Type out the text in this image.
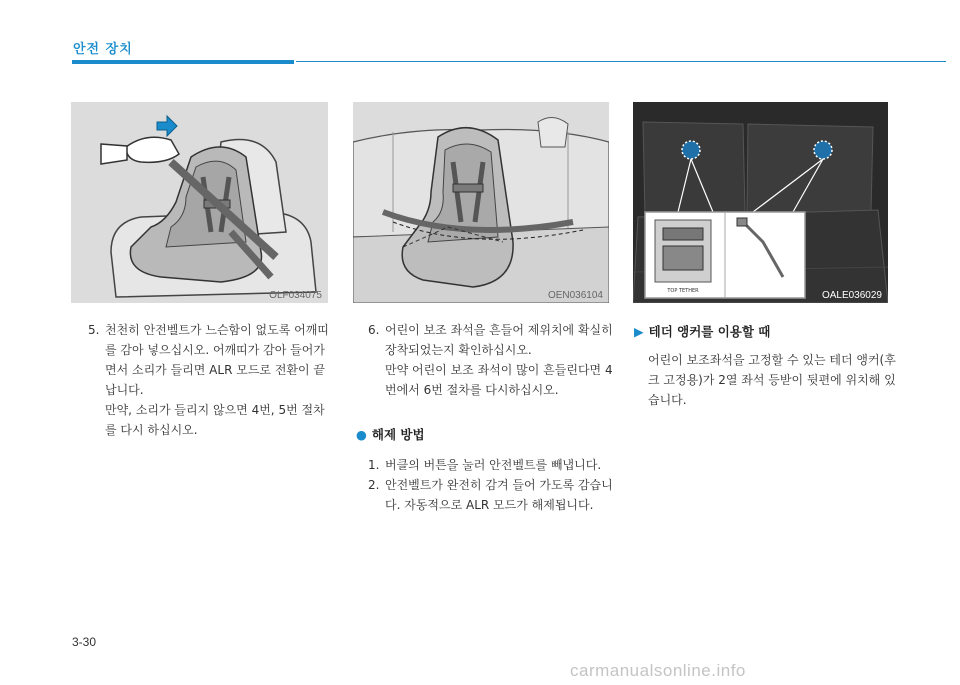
안전 장치
OLF034075	OEN036104	TOP TETHER	OALE036029

5. 천천히 안전벨트가 느슨함이 없도록 어깨띠를 감아 넣으십시오. 어깨띠가 감아 들어가면서 소리가 들리면 ALR 모드로 전환이 끝납니다.

만약, 소리가 들리지 않으면 4번, 5번 절차를 다시 하십시오.

6. 어린이 보조 좌석을 흔들어 제위치에 확실히 장착되었는지 확인하십시오.

만약 어린이 보조 좌석이 많이 흔들린다면 4번에서 6번 절차를 다시하십시오.

● 해제 방법

1. 버클의 버튼을 눌러 안전벨트를 빼냅니다.

2. 안전벨트가 완전히 감겨 들어 가도록 감습니다. 자동적으로 ALR 모드가 해제됩니다.

▶ 테더 앵커를 이용할 때

어린이 보조좌석을 고정할 수 있는 테더 앵커(후크 고정용)가 2열 좌석 등받이 뒷편에 위치해 있습니다.

3-30
carmanualsonline.info
